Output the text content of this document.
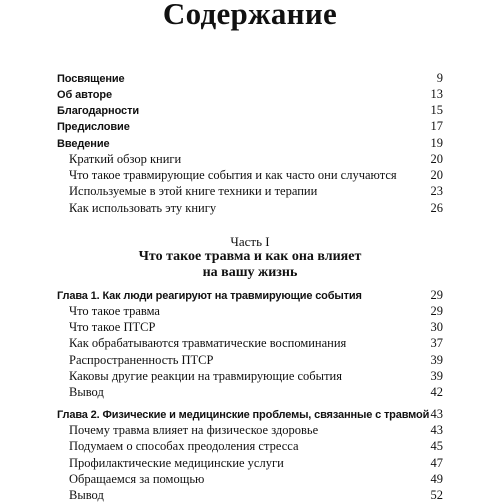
Содержание
Посвящение	9
Об авторе	13
Благодарности	15
Предисловие	17
Введение	19
Краткий обзор книги	20
Что такое травмирующие события и как часто они случаются	20
Используемые в этой книге техники и терапии	23
Как использовать эту книгу	26
Часть I
Что такое травма и как она влияет
на вашу жизнь
Глава 1. Как люди реагируют на травмирующие события	29
Что такое травма	29
Что такое ПТСР	30
Как обрабатываются травматические воспоминания	37
Распространенность ПТСР	39
Каковы другие реакции на травмирующие события	39
Вывод	42
Глава 2. Физические и медицинские проблемы, связанные с травмой 43
Почему травма влияет на физическое здоровье	43
Подумаем о способах преодоления стресса	45
Профилактические медицинские услуги	47
Обращаемся за помощью	49
Вывод	52
